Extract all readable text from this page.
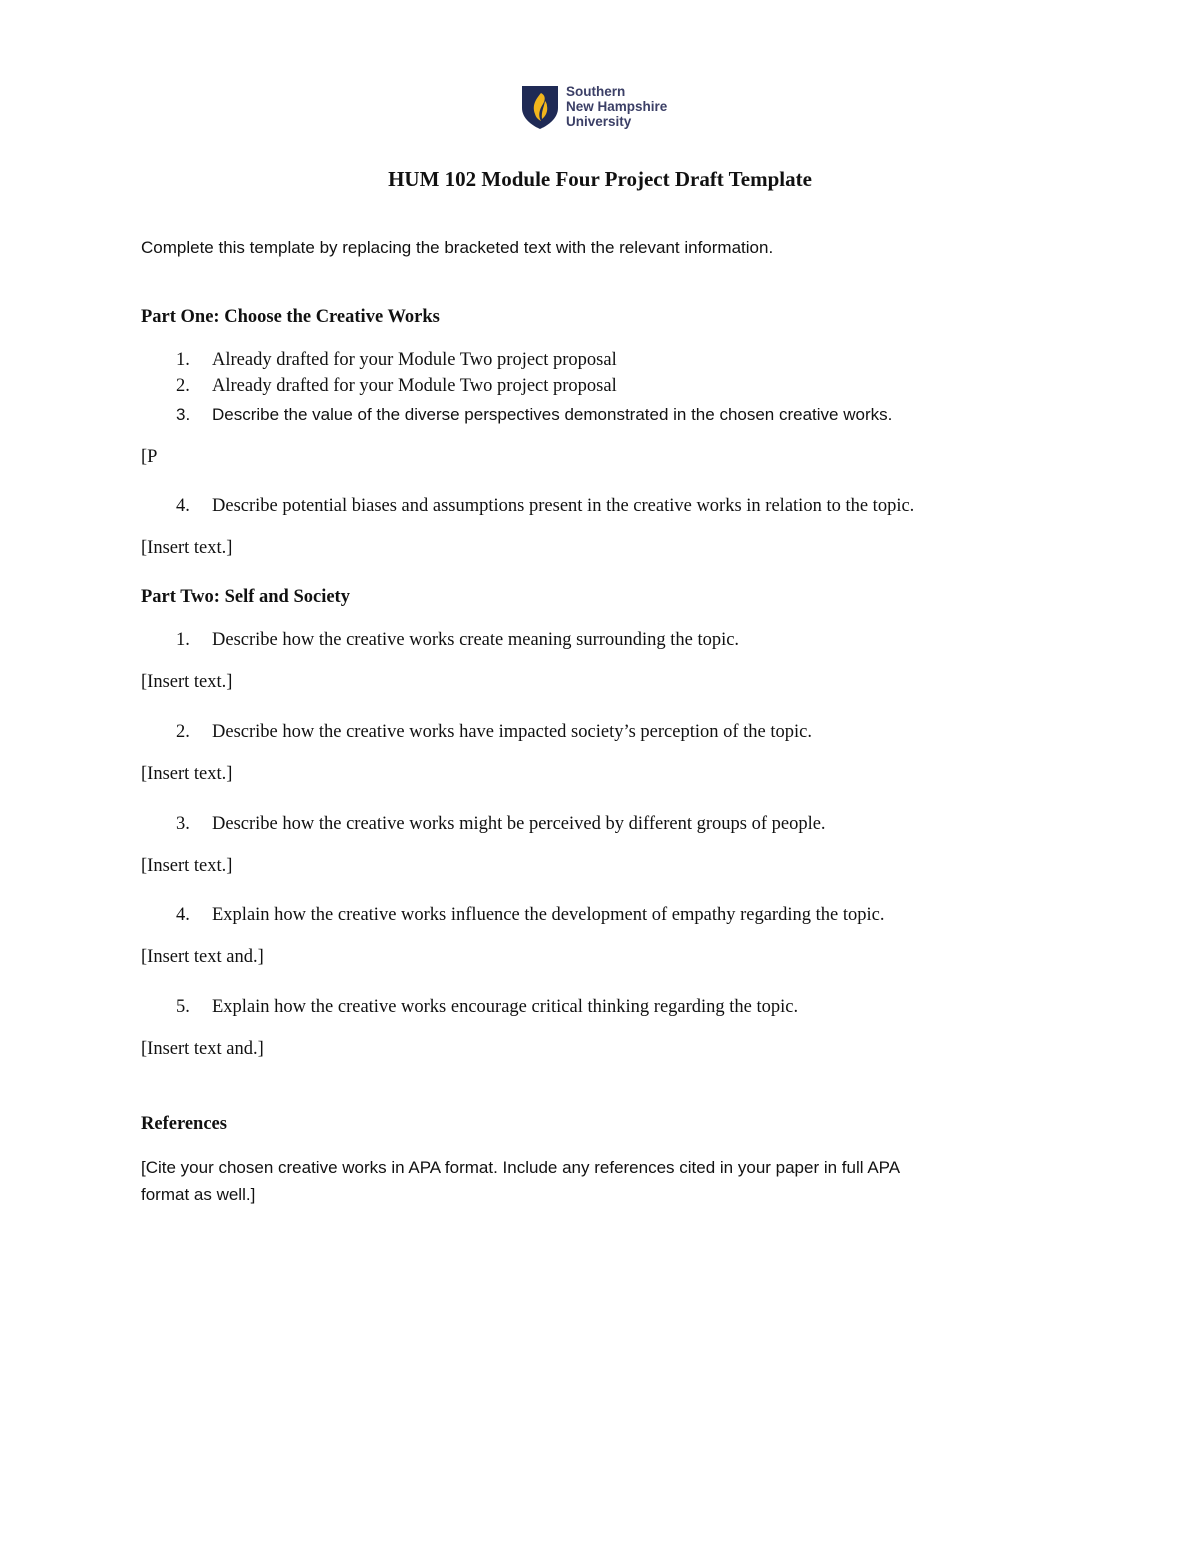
Southern
New Hampshire
University
HUM 102 Module Four Project Draft Template
Complete this template by replacing the bracketed text with the relevant information.
Part One: Choose the Creative Works
1. Already drafted for your Module Two project proposal
2. Already drafted for your Module Two project proposal
3. Describe the value of the diverse perspectives demonstrated in the chosen creative works.
[P
4. Describe potential biases and assumptions present in the creative works in relation to the topic.
[Insert text.]
Part Two: Self and Society
1. Describe how the creative works create meaning surrounding the topic.
[Insert text.]
2. Describe how the creative works have impacted society’s perception of the topic.
[Insert text.]
3. Describe how the creative works might be perceived by different groups of people.
[Insert text.]
4. Explain how the creative works influence the development of empathy regarding the topic.
[Insert text and.]
5. Explain how the creative works encourage critical thinking regarding the topic.
[Insert text and.]
References
[Cite your chosen creative works in APA format. Include any references cited in your paper in full APA
format as well.]
